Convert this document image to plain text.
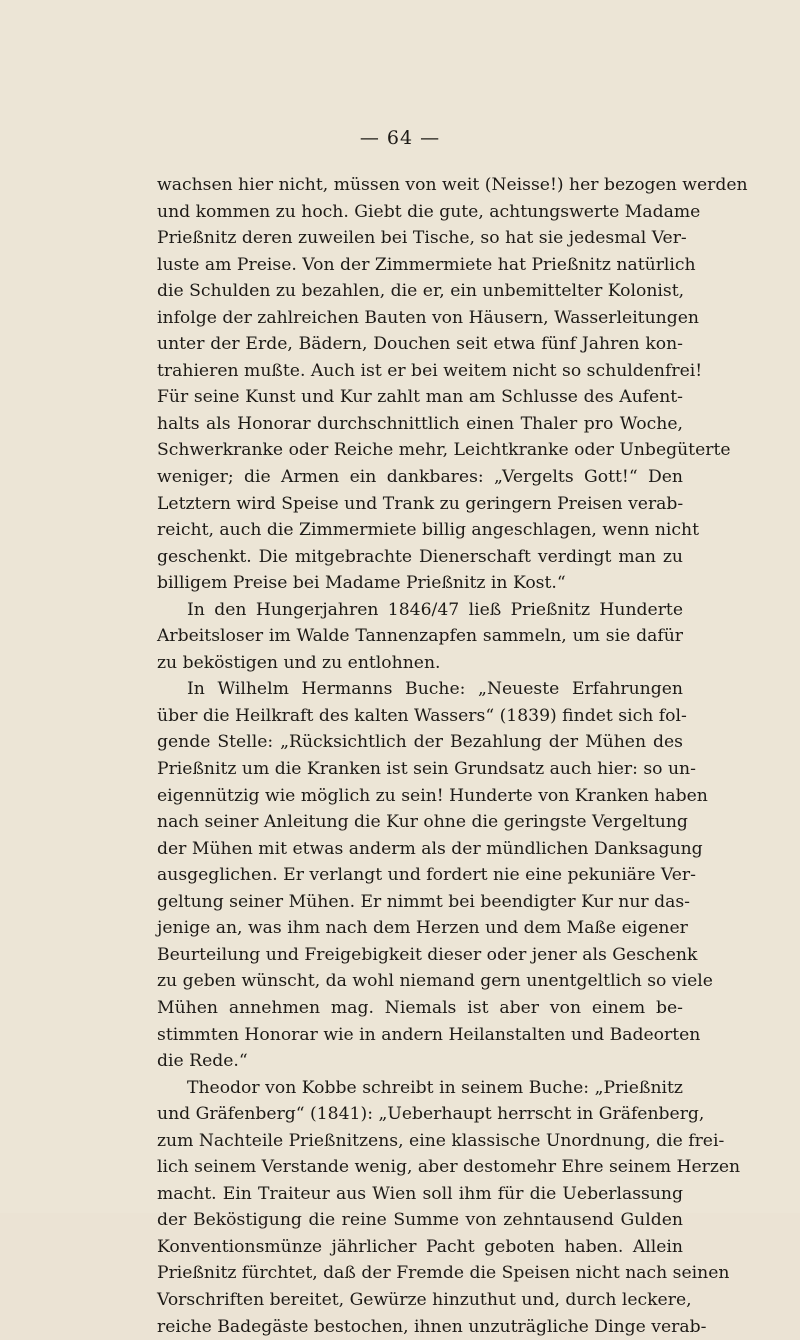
— 64 —
wachsen hier nicht, müssen von weit (Neisse!) her bezogen werden
und kommen zu hoch. Giebt die gute, achtungswerte Madame
Prießnitz deren zuweilen bei Tische, so hat sie jedesmal Ver-
luste am Preise. Von der Zimmermiete hat Prießnitz natürlich
die Schulden zu bezahlen, die er, ein unbemittelter Kolonist,
infolge der zahlreichen Bauten von Häusern, Wasserleitungen
unter der Erde, Bädern, Douchen seit etwa fünf Jahren kon-
trahieren mußte. Auch ist er bei weitem nicht so schuldenfrei!
Für seine Kunst und Kur zahlt man am Schlusse des Aufent-
halts als Honorar durchschnittlich einen Thaler pro Woche,
Schwerkranke oder Reiche mehr, Leichtkranke oder Unbegüterte
weniger; die Armen ein dankbares: „Vergelts Gott!“ Den
Letztern wird Speise und Trank zu geringern Preisen verab-
reicht, auch die Zimmermiete billig angeschlagen, wenn nicht
geschenkt. Die mitgebrachte Dienerschaft verdingt man zu
billigem Preise bei Madame Prießnitz in Kost.“
In den Hungerjahren 1846/47 ließ Prießnitz Hunderte
Arbeitsloser im Walde Tannenzapfen sammeln, um sie dafür
zu beköstigen und zu entlohnen.
In Wilhelm Hermanns Buche: „Neueste Erfahrungen
über die Heilkraft des kalten Wassers“ (1839) findet sich fol-
gende Stelle: „Rücksichtlich der Bezahlung der Mühen des
Prießnitz um die Kranken ist sein Grundsatz auch hier: so un-
eigennützig wie möglich zu sein! Hunderte von Kranken haben
nach seiner Anleitung die Kur ohne die geringste Vergeltung
der Mühen mit etwas anderm als der mündlichen Danksagung
ausgeglichen. Er verlangt und fordert nie eine pekuniäre Ver-
geltung seiner Mühen. Er nimmt bei beendigter Kur nur das-
jenige an, was ihm nach dem Herzen und dem Maße eigener
Beurteilung und Freigebigkeit dieser oder jener als Geschenk
zu geben wünscht, da wohl niemand gern unentgeltlich so viele
Mühen annehmen mag. Niemals ist aber von einem be-
stimmten Honorar wie in andern Heilanstalten und Badeorten
die Rede.“
Theodor von Kobbe schreibt in seinem Buche: „Prießnitz
und Gräfenberg“ (1841): „Ueberhaupt herrscht in Gräfenberg,
zum Nachteile Prießnitzens, eine klassische Unordnung, die frei-
lich seinem Verstande wenig, aber destomehr Ehre seinem Herzen
macht. Ein Traiteur aus Wien soll ihm für die Ueberlassung
der Beköstigung die reine Summe von zehntausend Gulden
Konventionsmünze jährlicher Pacht geboten haben. Allein
Prießnitz fürchtet, daß der Fremde die Speisen nicht nach seinen
Vorschriften bereitet, Gewürze hinzuthut und, durch leckere,
reiche Badegäste bestochen, ihnen unzuträgliche Dinge verab-
